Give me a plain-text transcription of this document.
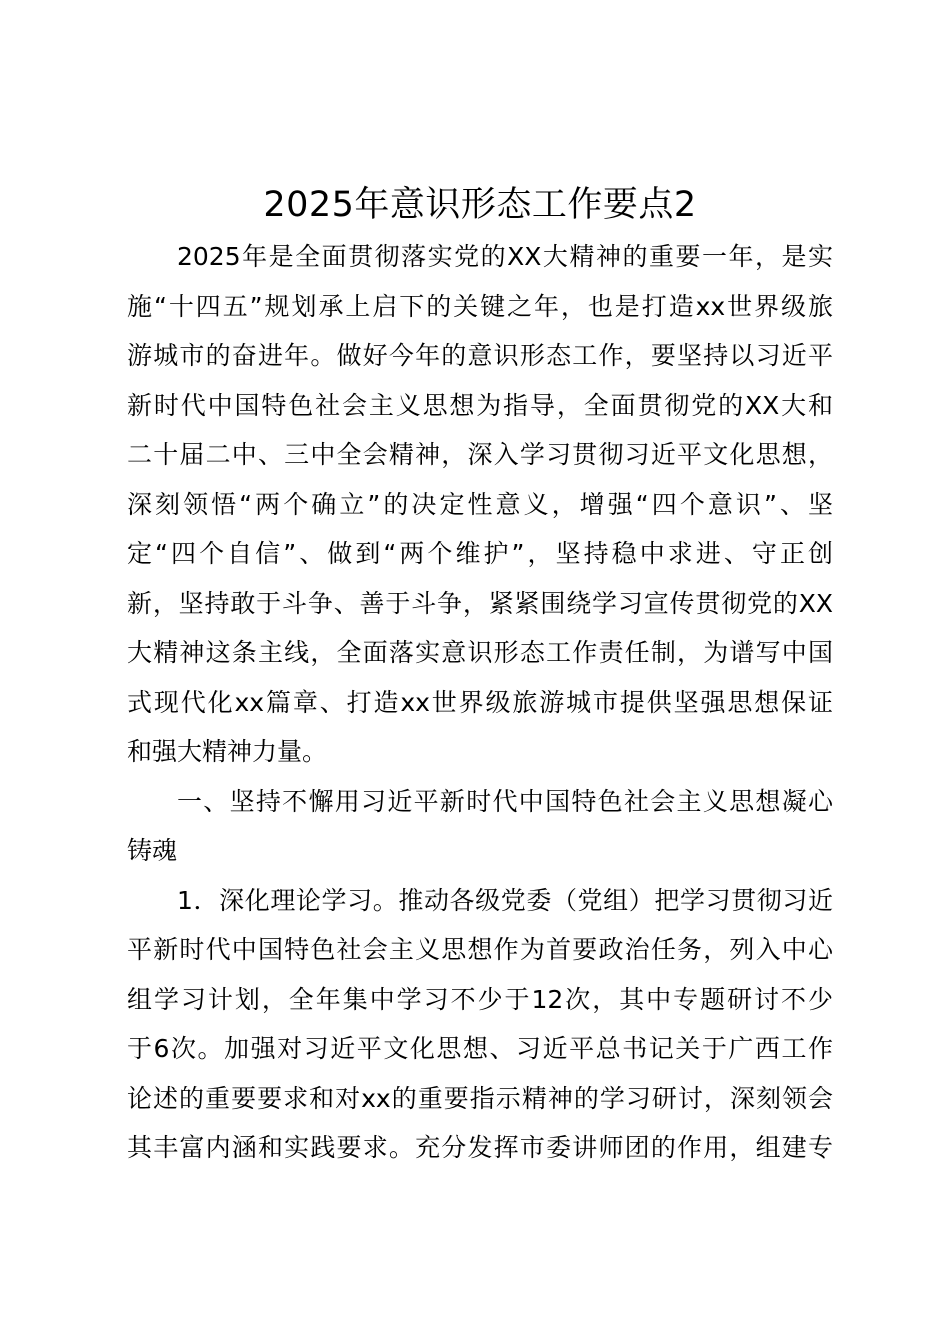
2025年意识形态工作要点2
2025年是全面贯彻落实党的XX大精神的重要一年，是实
施“十四五”规划承上启下的关键之年，也是打造xx世界级旅
游城市的奋进年。做好今年的意识形态工作，要坚持以习近平
新时代中国特色社会主义思想为指导，全面贯彻党的XX大和
二十届二中、三中全会精神，深入学习贯彻习近平文化思想，
深刻领悟“两个确立”的决定性意义，增强“四个意识”、坚
定“四个自信”、做到“两个维护”，坚持稳中求进、守正创
新，坚持敢于斗争、善于斗争，紧紧围绕学习宣传贯彻党的XX
大精神这条主线，全面落实意识形态工作责任制，为谱写中国
式现代化xx篇章、打造xx世界级旅游城市提供坚强思想保证
和强大精神力量。
一、坚持不懈用习近平新时代中国特色社会主义思想凝心
铸魂
1．深化理论学习。推动各级党委（党组）把学习贯彻习近
平新时代中国特色社会主义思想作为首要政治任务，列入中心
组学习计划，全年集中学习不少于12次，其中专题研讨不少
于6次。加强对习近平文化思想、习近平总书记关于广西工作
论述的重要要求和对xx的重要指示精神的学习研讨，深刻领会
其丰富内涵和实践要求。充分发挥市委讲师团的作用，组建专
